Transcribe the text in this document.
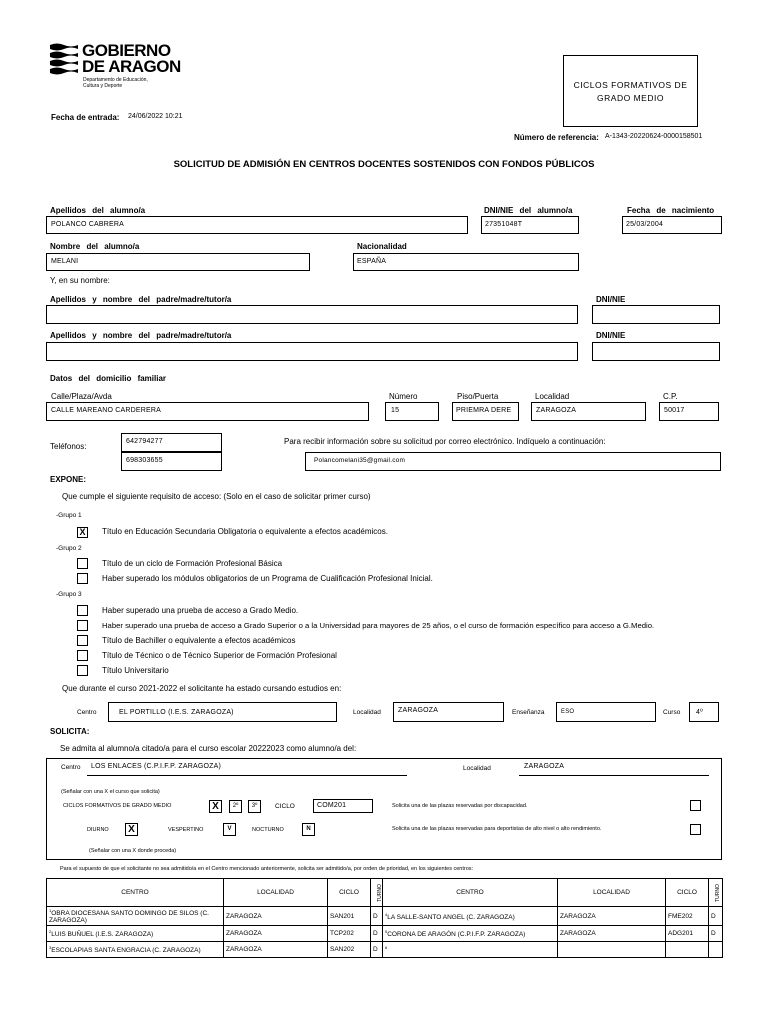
GOBIERNO
DE ARAGON
Departamento de Educación,
Cultura y Deporte	CICLOS FORMATIVOS DE
GRADO MEDIO
Fecha de entrada: 24/06/2022 10:21
Número de referencia: A-1343-20220624-0000158501
SOLICITUD DE ADMISIÓN EN CENTROS DOCENTES SOSTENIDOS CON FONDOS PÚBLICOS
Apellidos del alumno/a
POLANCO CABRERA
DNI/NIE del alumno/a
27351048T
Fecha de nacimiento
25/03/2004
Nombre del alumno/a
MELANI
Nacionalidad
ESPAÑA
Y, en su nombre:
Apellidos y nombre del padre/madre/tutor/a	DNI/NIE
Apellidos y nombre del padre/madre/tutor/a	DNI/NIE
Datos del domicilio familiar
Calle/Plaza/Avda
CALLE MAREANO CARDERERA
Número
15
Piso/Puerta
PRIEMRA DERE
Localidad
ZARAGOZA
C.P.
50017
Teléfonos:
642794277
698303655
Para recibir información sobre su solicitud por correo electrónico. Indíquelo a continuación:
Polancomelani35@gmail.com
EXPONE:
Que cumple el siguiente requisito de acceso: (Solo en el caso de solicitar primer curso)
-Grupo 1
X	Título en Educación Secundaria Obligatoria o equivalente a efectos académicos.
-Grupo 2
Título de un ciclo de Formación Profesional Básica
Haber superado los módulos obligatorios de un Programa de Cualificación Profesional Inicial.
-Grupo 3
Haber superado una prueba de acceso a Grado Medio.
Haber superado una prueba de acceso a Grado Superior o a la Universidad para mayores de 25 años, o el curso de formación específico para acceso a G.Medio.
Título de Bachiller o equivalente a efectos académicos
Título de Técnico o de Técnico Superior de Formación Profesional
Título Universitario
Que durante el curso 2021-2022 el solicitante ha estado cursando estudios en:
Centro	EL PORTILLO (I.E.S. ZARAGOZA)	Localidad ZARAGOZA	Enseñanza	ESO	Curso 4º
SOLICITA:
Se admita al alumno/a citado/a para el curso escolar 20222023 como alumno/a del:
Centro LOS ENLACES (C.P.I.F.P. ZARAGOZA)	Localidad	ZARAGOZA
(Señalar con una X el curso que solicita)
CICLOS FORMATIVOS DE GRADO MEDIO	X	2º	3º	CICLO	COM201	Solicita una de las plazas reservadas por discapacidad.
DIURNO	X	VESPERTINO	V	NOCTURNO	N	Solicita una de las plazas reservadas para deportistas de alto nivel o alto rendimiento.
(Señalar con una X donde proceda)
Para el supuesto de que el solicitante no sea admitido/a en el Centro mencionado anteriormente, solicita ser admitido/a, por orden de prioridad, en los siguientes centros:
CENTRO	LOCALIDAD	CICLO	TURNO	CENTRO	LOCALIDAD	CICLO	TURNO
$^1$OBRA DIOCESANA SANTO DOMINGO DE SILOS (C. ZARAGOZA)	ZARAGOZA	SAN201	D	$^4$LA SALLE-SANTO ANGEL (C. ZARAGOZA)	ZARAGOZA	FME202	D
$^2$LUIS BUÑUEL (I.E.S. ZARAGOZA)	ZARAGOZA	TCP202	D	$^5$CORONA DE ARAGÓN (C.P.I.F.P. ZARAGOZA)	ZARAGOZA	ADG201	D
$^3$ESCOLAPIAS SANTA ENGRACIA (C. ZARAGOZA)	ZARAGOZA	SAN202	D	$^6$			
